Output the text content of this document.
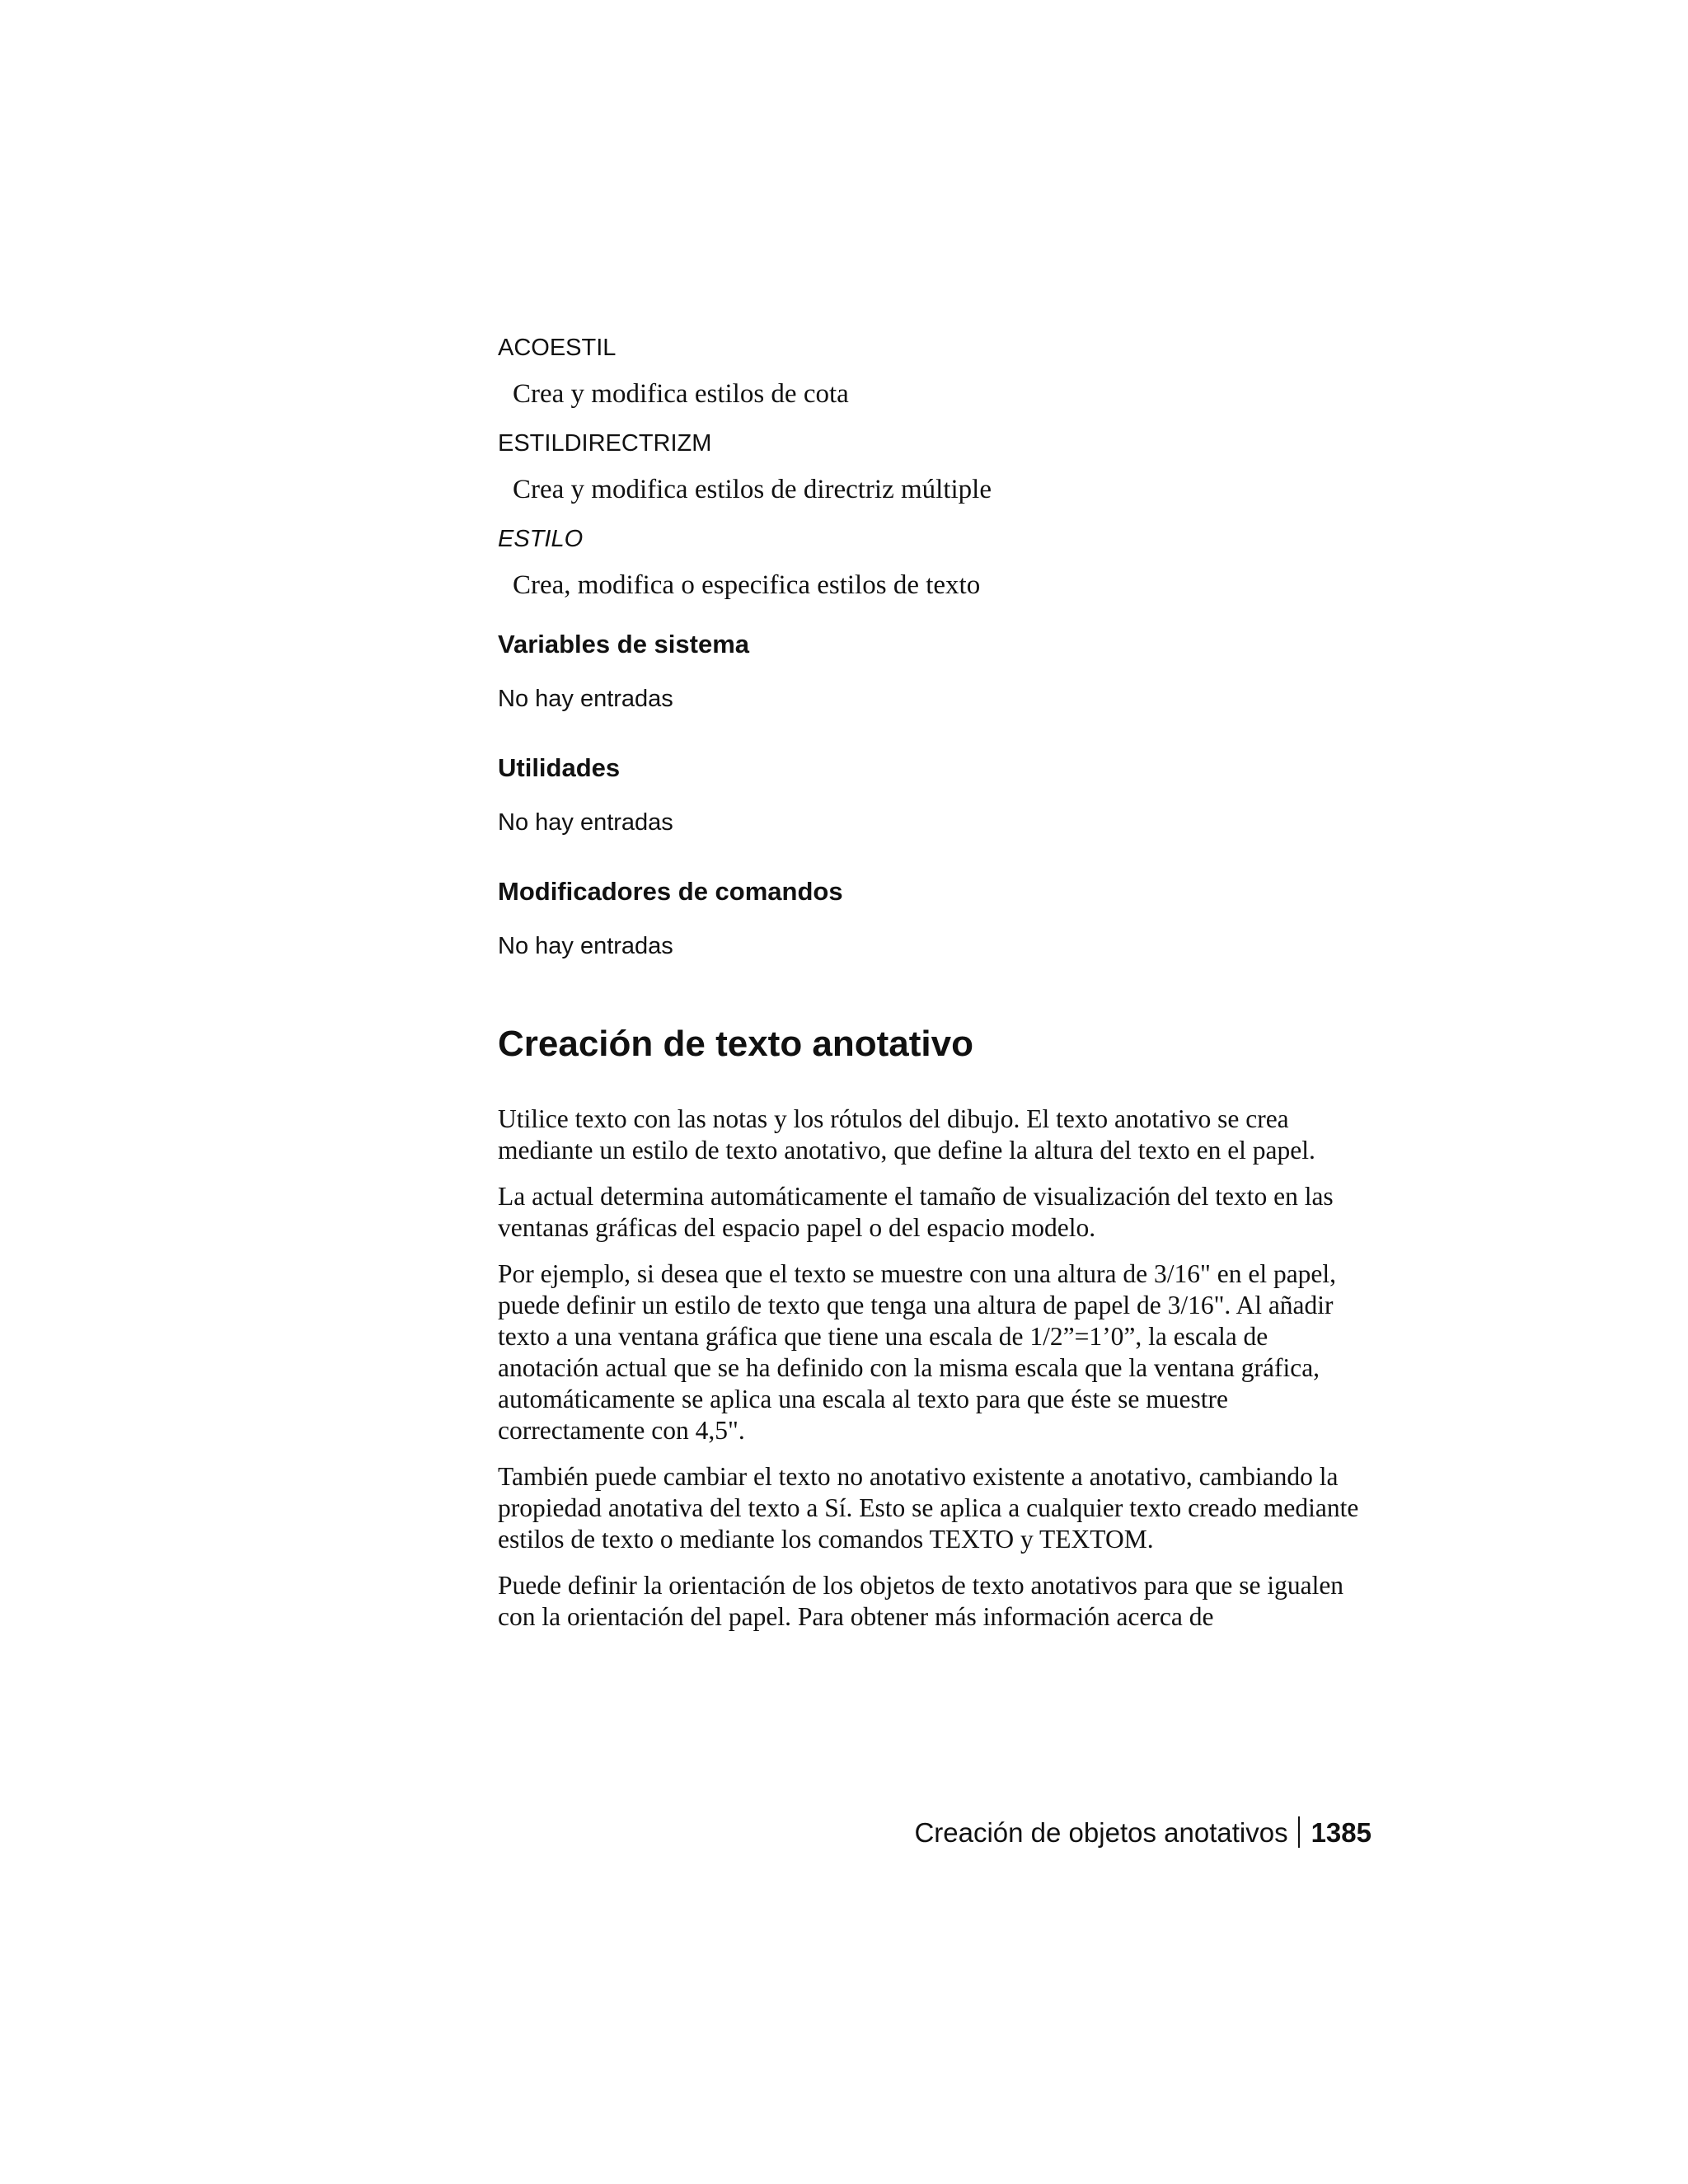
ACOESTIL

Crea y modifica estilos de cota

ESTILDIRECTRIZM

Crea y modifica estilos de directriz múltiple

ESTILO

Crea, modifica o especifica estilos de texto

Variables de sistema

No hay entradas

Utilidades

No hay entradas

Modificadores de comandos

No hay entradas

Creación de texto anotativo

Utilice texto con las notas y los rótulos del dibujo. El texto anotativo se crea mediante un estilo de texto anotativo, que define la altura del texto en el papel.

La actual determina automáticamente el tamaño de visualización del texto en las ventanas gráficas del espacio papel o del espacio modelo.

Por ejemplo, si desea que el texto se muestre con una altura de 3/16" en el papel, puede definir un estilo de texto que tenga una altura de papel de 3/16". Al añadir texto a una ventana gráfica que tiene una escala de 1/2”=1’0”, la escala de anotación actual que se ha definido con la misma escala que la ventana gráfica, automáticamente se aplica una escala al texto para que éste se muestre correctamente con 4,5".

También puede cambiar el texto no anotativo existente a anotativo, cambiando la propiedad anotativa del texto a Sí. Esto se aplica a cualquier texto creado mediante estilos de texto o mediante los comandos TEXTO y TEXTOM.

Puede definir la orientación de los objetos de texto anotativos para que se igualen con la orientación del papel. Para obtener más información acerca de

Creación de objetos anotativos 1385
